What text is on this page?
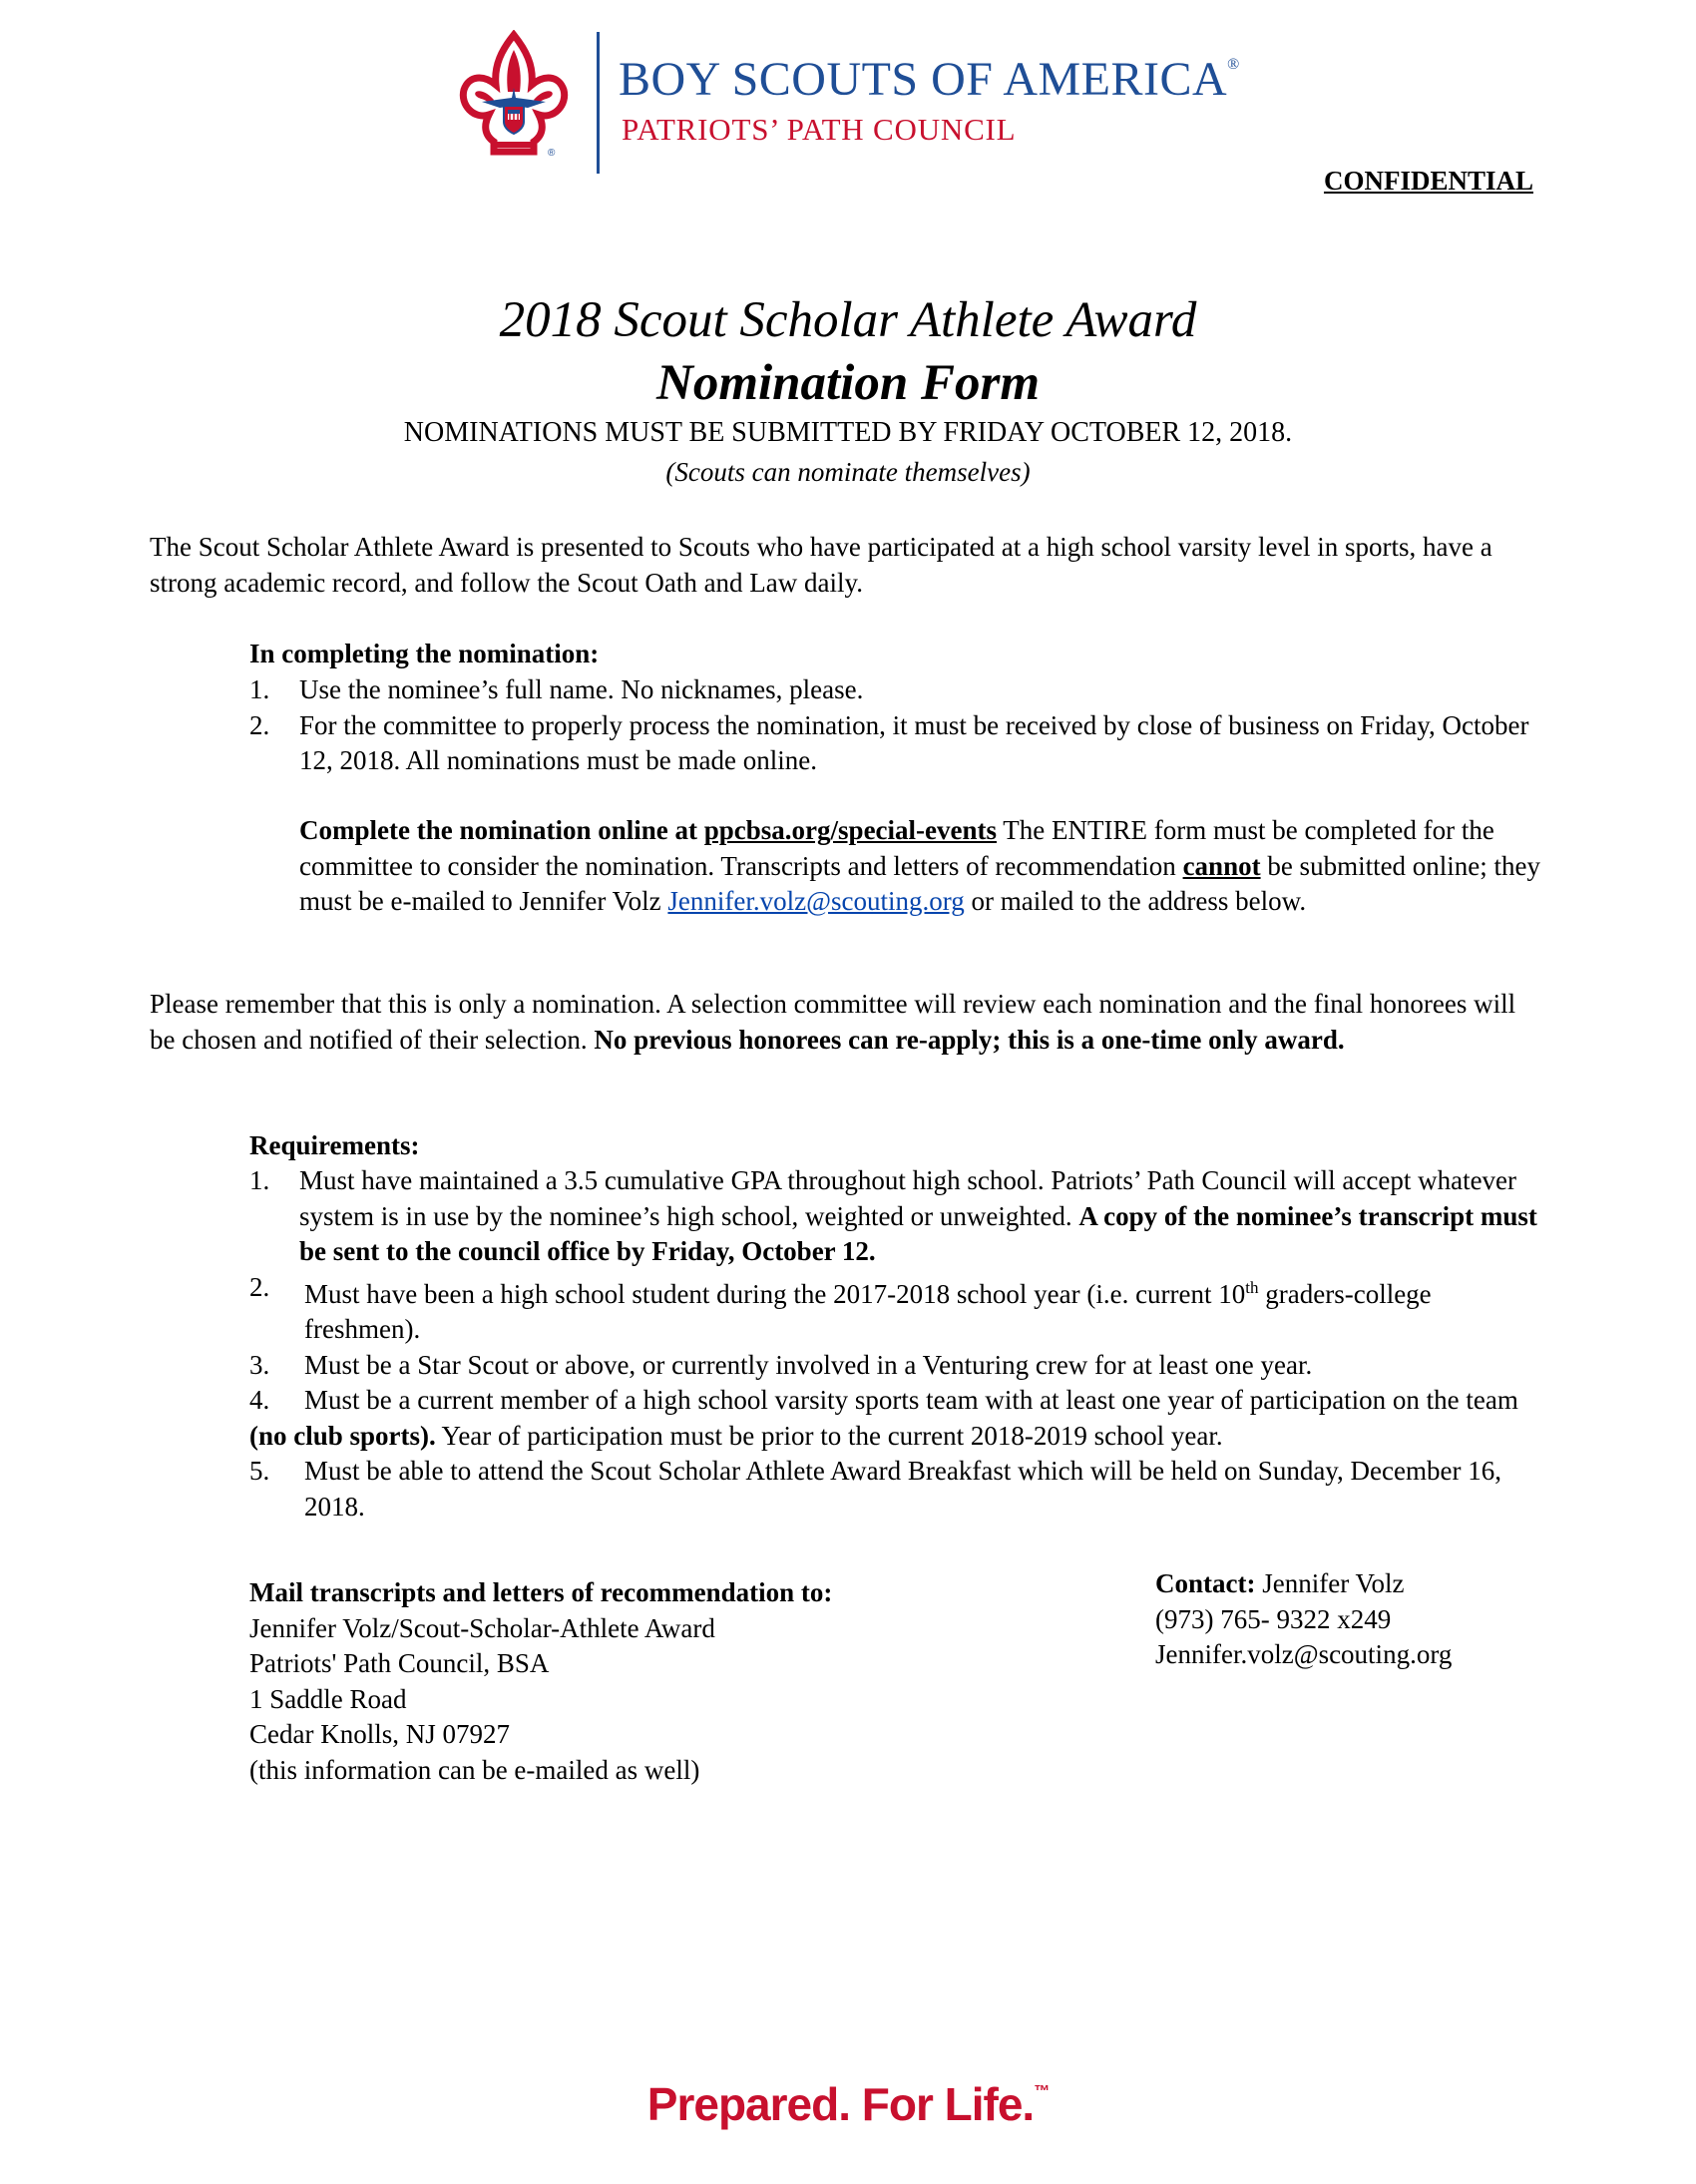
®
BOY SCOUTS OF AMERICA®
PATRIOTS’ PATH COUNCIL
CONFIDENTIAL
2018 Scout Scholar Athlete Award
Nomination Form
NOMINATIONS MUST BE SUBMITTED BY FRIDAY OCTOBER 12, 2018.
(Scouts can nominate themselves)
The Scout Scholar Athlete Award is presented to Scouts who have participated at a high school varsity level in sports, have a strong academic record, and follow the Scout Oath and Law daily.
In completing the nomination:
1. Use the nominee’s full name. No nicknames, please.
2. For the committee to properly process the nomination, it must be received by close of business on Friday, October 12, 2018. All nominations must be made online.
Complete the nomination online at ppcbsa.org/special-events The ENTIRE form must be completed for the committee to consider the nomination. Transcripts and letters of recommendation cannot be submitted online; they must be e-mailed to Jennifer Volz Jennifer.volz@scouting.org or mailed to the address below.
Please remember that this is only a nomination. A selection committee will review each nomination and the final honorees will be chosen and notified of their selection. No previous honorees can re-apply; this is a one-time only award.
Requirements:
1. Must have maintained a 3.5 cumulative GPA throughout high school. Patriots’ Path Council will accept whatever system is in use by the nominee’s high school, weighted or unweighted. A copy of the nominee’s transcript must be sent to the council office by Friday, October 12.
2. Must have been a high school student during the 2017-2018 school year (i.e. current 10th graders-college freshmen).
3. Must be a Star Scout or above, or currently involved in a Venturing crew for at least one year.
4. Must be a current member of a high school varsity sports team with at least one year of participation on the team (no club sports). Year of participation must be prior to the current 2018-2019 school year.
5. Must be able to attend the Scout Scholar Athlete Award Breakfast which will be held on Sunday, December 16, 2018.
Mail transcripts and letters of recommendation to:
Jennifer Volz/Scout-Scholar-Athlete Award
Patriots' Path Council, BSA
1 Saddle Road
Cedar Knolls, NJ 07927
(this information can be e-mailed as well)
Contact: Jennifer Volz
(973) 765- 9322 x249
Jennifer.volz@scouting.org
Prepared. For Life.™
